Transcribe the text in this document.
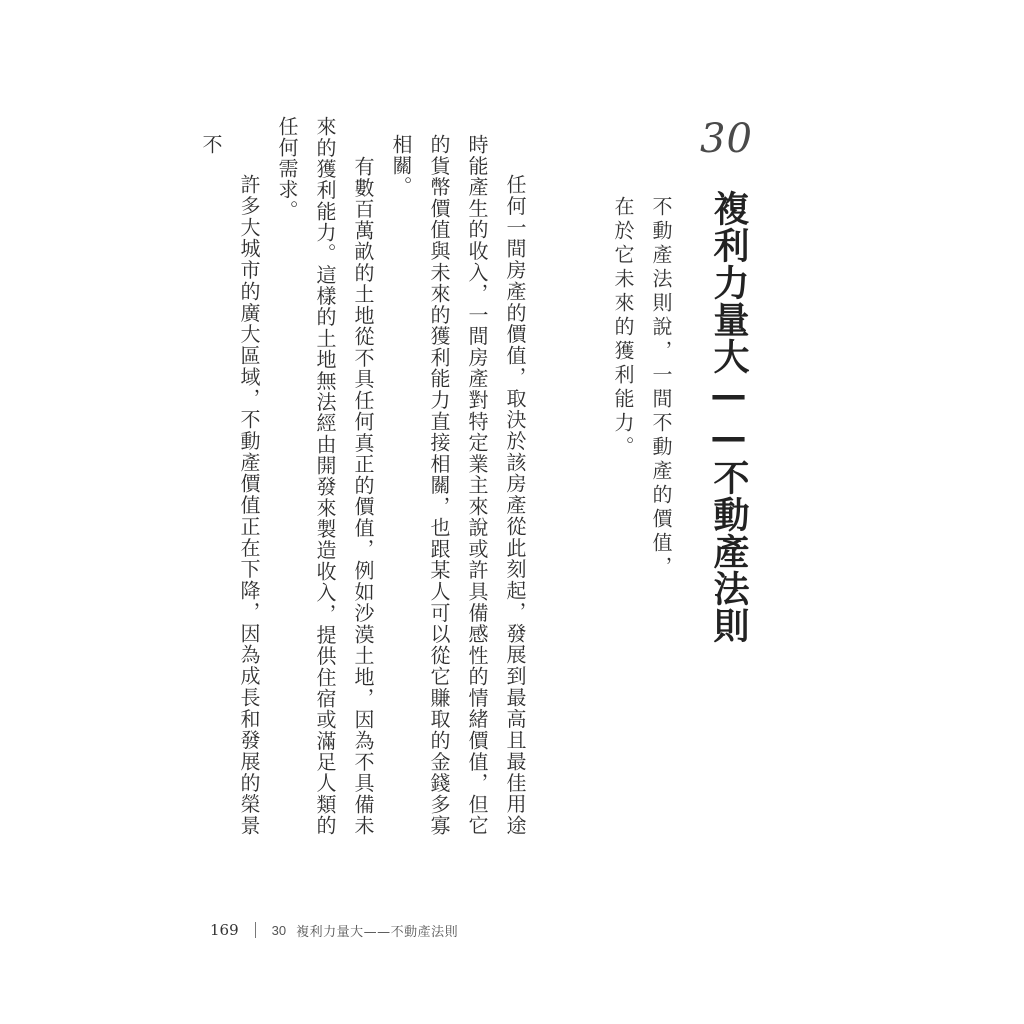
30
複利力量大——不動產法則
不動產法則說，一間不動產的價值，
在於它未來的獲利能力。

任何一間房產的價值，取決於該房產從此刻起，發展到最高且最佳用途時能產生的收入，一間房產對特定業主來說或許具備感性的情緒價值，但它的貨幣價值與未來的獲利能力直接相關，也跟某人可以從它賺取的金錢多寡相關。

有數百萬畝的土地從不具任何真正的價值，例如沙漠土地，因為不具備未來的獲利能力。這樣的土地無法經由開發來製造收入，提供住宿或滿足人類的任何需求。

許多大城市的廣大區域，不動產價值正在下降，因為成長和發展的榮景不

169	30 複利力量大——不動產法則
